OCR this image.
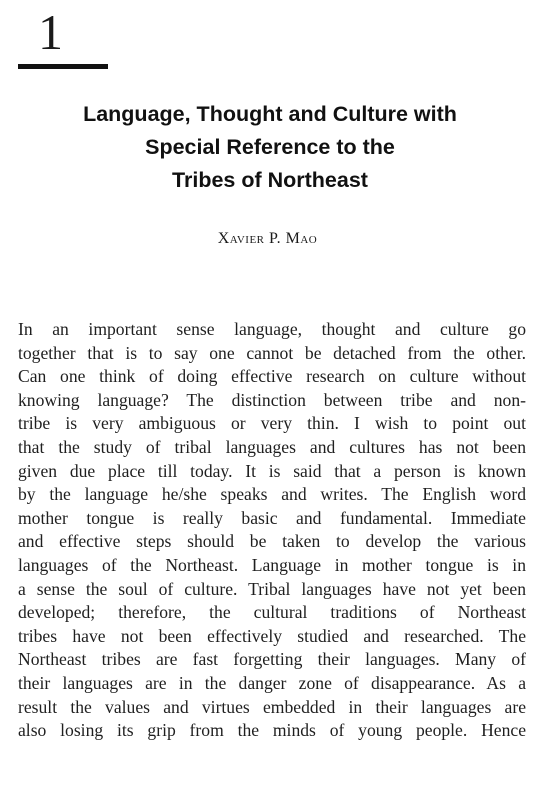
1
Language, Thought and Culture with
Special Reference to the
Tribes of Northeast
Xavier P. Mao
In an important sense language, thought and culture go
together that is to say one cannot be detached from the other.
Can one think of doing effective research on culture without
knowing language? The distinction between tribe and non-
tribe is very ambiguous or very thin. I wish to point out
that the study of tribal languages and cultures has not been
given due place till today. It is said that a person is known
by the language he/she speaks and writes. The English word
mother tongue is really basic and fundamental. Immediate
and effective steps should be taken to develop the various
languages of the Northeast. Language in mother tongue is in
a sense the soul of culture. Tribal languages have not yet been
developed; therefore, the cultural traditions of Northeast
tribes have not been effectively studied and researched. The
Northeast tribes are fast forgetting their languages. Many of
their languages are in the danger zone of disappearance. As a
result the values and virtues embedded in their languages are
also losing its grip from the minds of young people. Hence
